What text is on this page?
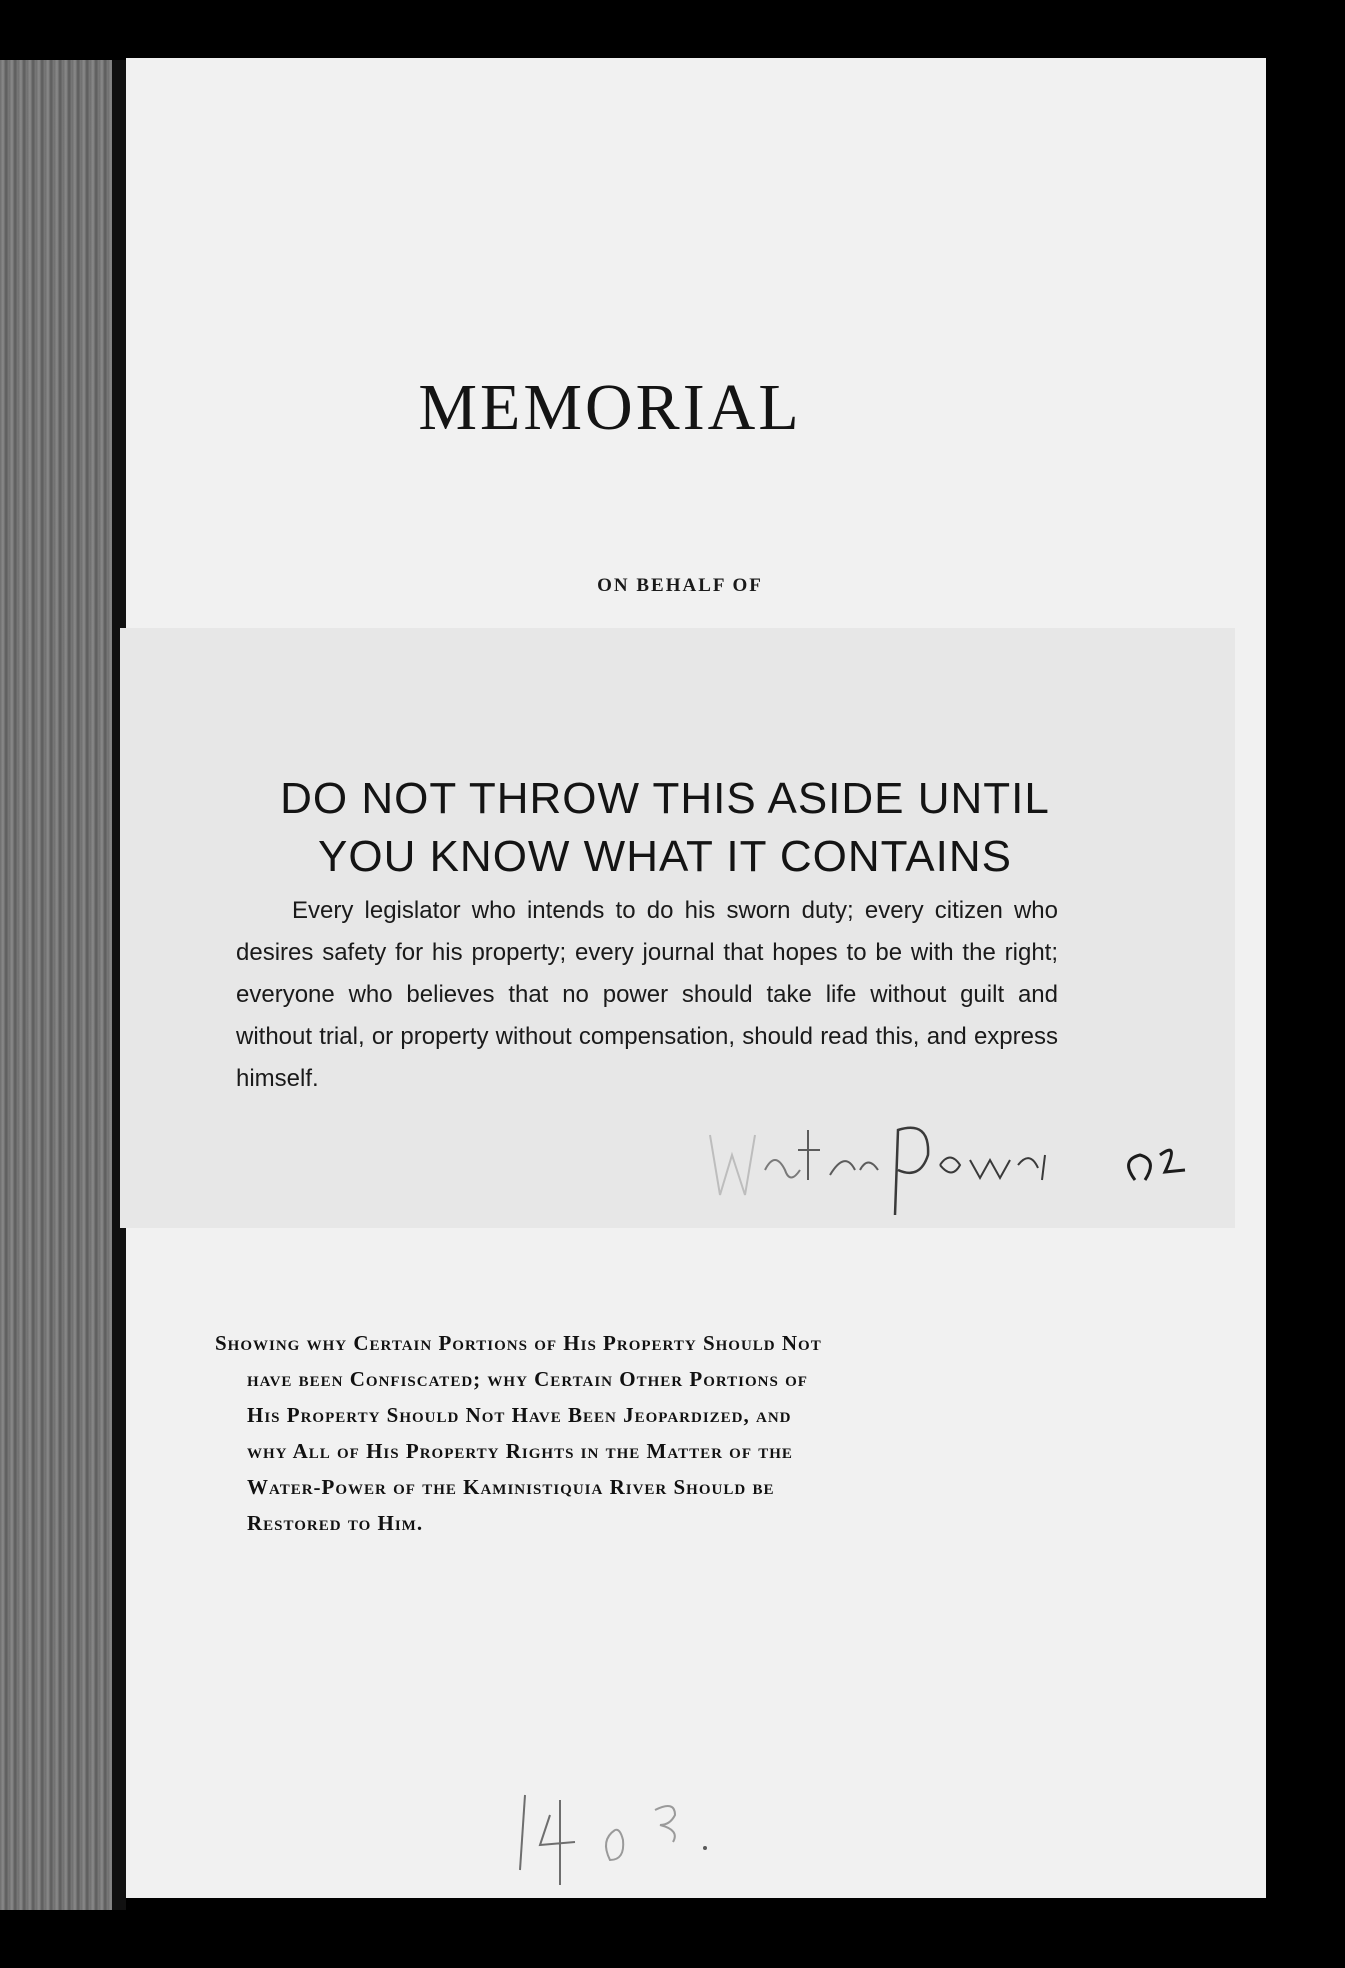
MEMORIAL
ON BEHALF OF
DO NOT THROW THIS ASIDE UNTIL
YOU KNOW WHAT IT CONTAINS
Every legislator who intends to do his sworn duty; every citizen who desires safety for his property; every journal that hopes to be with the right; everyone who believes that no power should take life without guilt and without trial, or property without compensation, should read this, and express himself.
Showing why Certain Portions of His Property Should Not
have been Confiscated; why Certain Other Portions of
His Property Should Not Have Been Jeopardized, and
why All of His Property Rights in the Matter of the
Water-Power of the Kaministiquia River Should be
Restored to Him.
